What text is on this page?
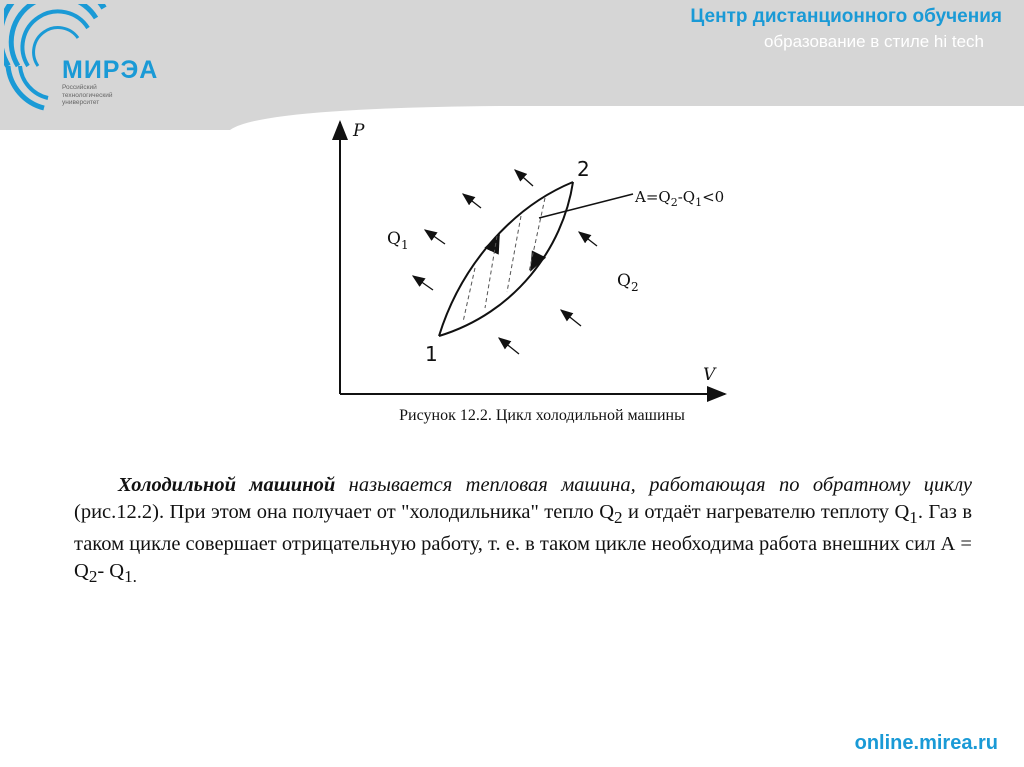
МИРЭА
Российский технологический университет
Центр дистанционного обучения
образование в стиле hi tech
P
V
1
2
$A=Q_2-Q_1<0$
$Q_1$
$Q_2$
Рисунок 12.2. Цикл холодильной машины

Холодильной машиной называется тепловая машина, работающая по обратному циклу (рис.12.2). При этом она получает от "холодильника" тепло $Q_2$ и отдаёт нагревателю теплоту $Q_1$. Газ в таком цикле совершает отрицательную работу, т. е. в таком цикле необходима работа внешних сил $А = Q_2-$ $Q_{1.}$

online.mirea.ru
